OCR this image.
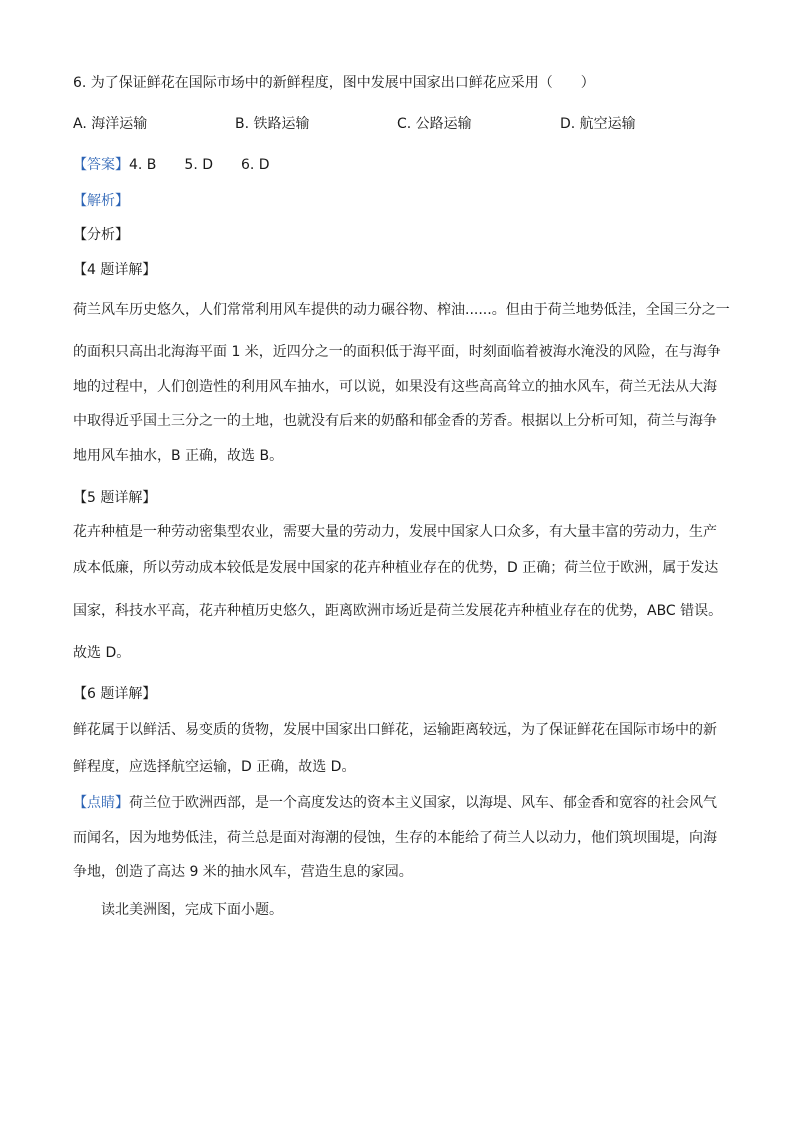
6. 为了保证鲜花在国际市场中的新鲜程度，图中发展中国家出口鲜花应采用（　　）
A. 海洋运输	B. 铁路运输	C. 公路运输	D. 航空运输
【答案】4. B　　5. D　　6. D
【解析】
【分析】
【4 题详解】
荷兰风车历史悠久，人们常常利用风车提供的动力碾谷物、榨油......。但由于荷兰地势低洼，全国三分之一
的面积只高出北海海平面 1 米，近四分之一的面积低于海平面，时刻面临着被海水淹没的风险，在与海争
地的过程中，人们创造性的利用风车抽水，可以说，如果没有这些高高耸立的抽水风车，荷兰无法从大海
中取得近乎国土三分之一的土地，也就没有后来的奶酪和郁金香的芳香。根据以上分析可知，荷兰与海争
地用风车抽水，B 正确，故选 B。
【5 题详解】
花卉种植是一种劳动密集型农业，需要大量的劳动力，发展中国家人口众多，有大量丰富的劳动力，生产
成本低廉，所以劳动成本较低是发展中国家的花卉种植业存在的优势，D 正确；荷兰位于欧洲，属于发达
国家，科技水平高，花卉种植历史悠久，距离欧洲市场近是荷兰发展花卉种植业存在的优势，ABC 错误。
故选 D。
【6 题详解】
鲜花属于以鲜活、易变质的货物，发展中国家出口鲜花，运输距离较远，为了保证鲜花在国际市场中的新
鲜程度，应选择航空运输，D 正确，故选 D。
【点睛】荷兰位于欧洲西部，是一个高度发达的资本主义国家，以海堤、风车、郁金香和宽容的社会风气
而闻名，因为地势低洼，荷兰总是面对海潮的侵蚀，生存的本能给了荷兰人以动力，他们筑坝围堤，向海
争地，创造了高达 9 米的抽水风车，营造生息的家园。
读北美洲图，完成下面小题。
